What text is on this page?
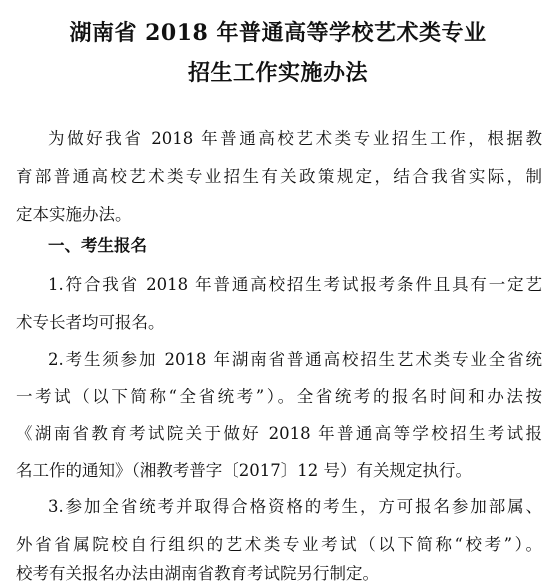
湖南省 2018 年普通高等学校艺术类专业
招生工作实施办法
为做好我省 2018 年普通高校艺术类专业招生工作，根据教
育部普通高校艺术类专业招生有关政策规定，结合我省实际，制
定本实施办法。
一、考生报名
1.符合我省 2018 年普通高校招生考试报考条件且具有一定艺
术专长者均可报名。
2.考生须参加 2018 年湖南省普通高校招生艺术类专业全省统
一考试（以下简称“全省统考”）。全省统考的报名时间和办法按
《湖南省教育考试院关于做好 2018 年普通高等学校招生考试报
名工作的通知》（湘教考普字〔2017〕12 号）有关规定执行。
3.参加全省统考并取得合格资格的考生，方可报名参加部属、
外省省属院校自行组织的艺术类专业考试（以下简称“校考”）。
校考有关报名办法由湖南省教育考试院另行制定。
